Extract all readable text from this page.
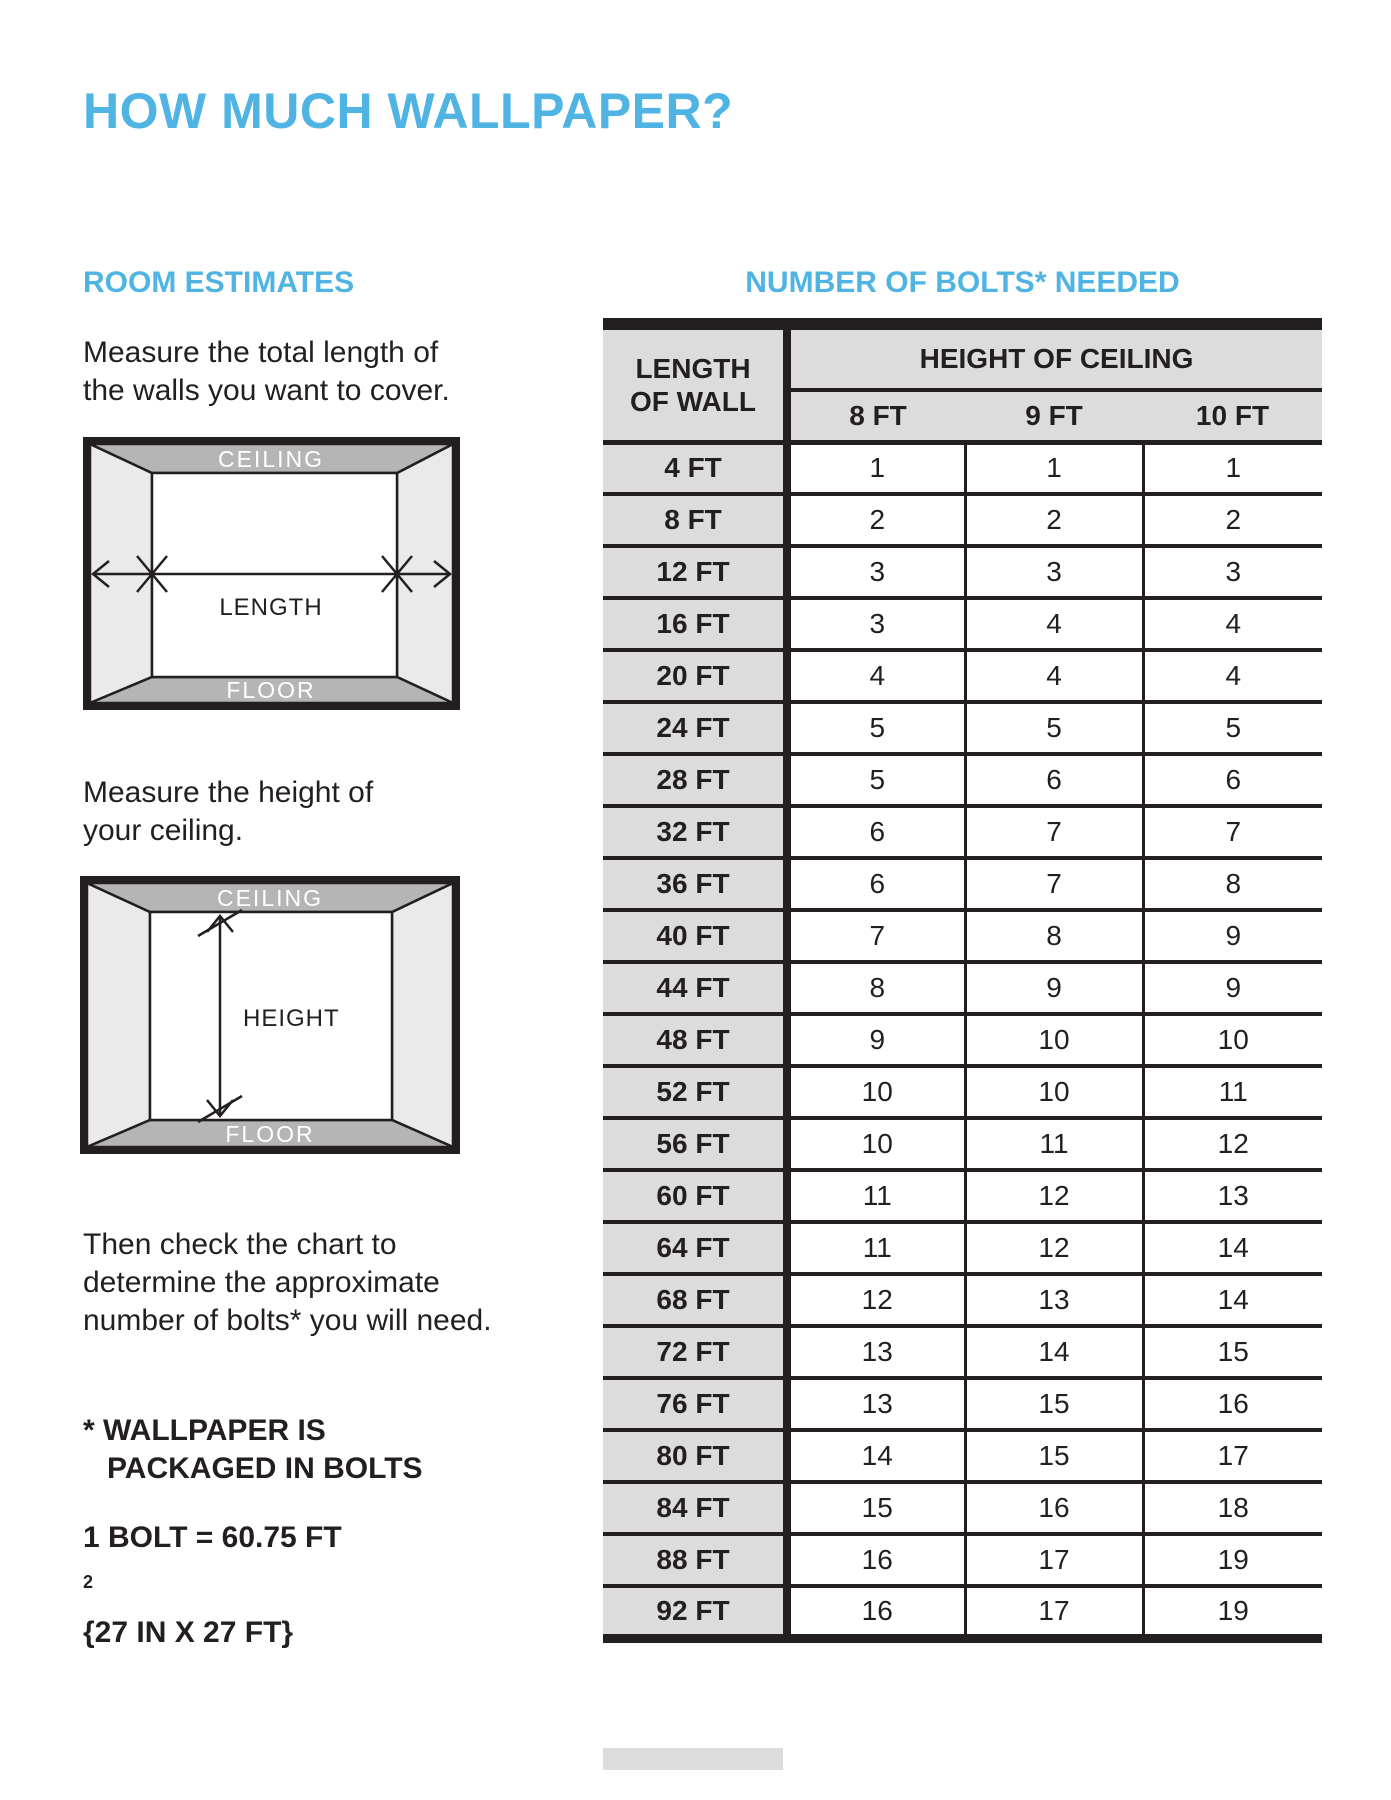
HOW MUCH WALLPAPER?
ROOM ESTIMATES	NUMBER OF BOLTS* NEEDED

Measure the total length of
the walls you want to cover.

CEILING
FLOOR
LENGTH

Measure the height of
your ceiling.

CEILING
FLOOR
HEIGHT

Then check the chart to
determine the approximate
number of bolts* you will need.

* WALLPAPER IS
PACKAGED IN BOLTS

1 BOLT = 60.75 FT
$^2$
{27 IN X 27 FT}

LENGTH
OF WALL	HEIGHT OF CEILING		
	8 FT	9 FT	10 FT
4 FT	1	1	1
8 FT	2	2	2
12 FT	3	3	3
16 FT	3	4	4
20 FT	4	4	4
24 FT	5	5	5
28 FT	5	6	6
32 FT	6	7	7
36 FT	6	7	8
40 FT	7	8	9
44 FT	8	9	9
48 FT	9	10	10
52 FT	10	10	11
56 FT	10	11	12
60 FT	11	12	13
64 FT	11	12	14
68 FT	12	13	14
72 FT	13	14	15
76 FT	13	15	16
80 FT	14	15	17
84 FT	15	16	18
88 FT	16	17	19
92 FT	16	17	19
